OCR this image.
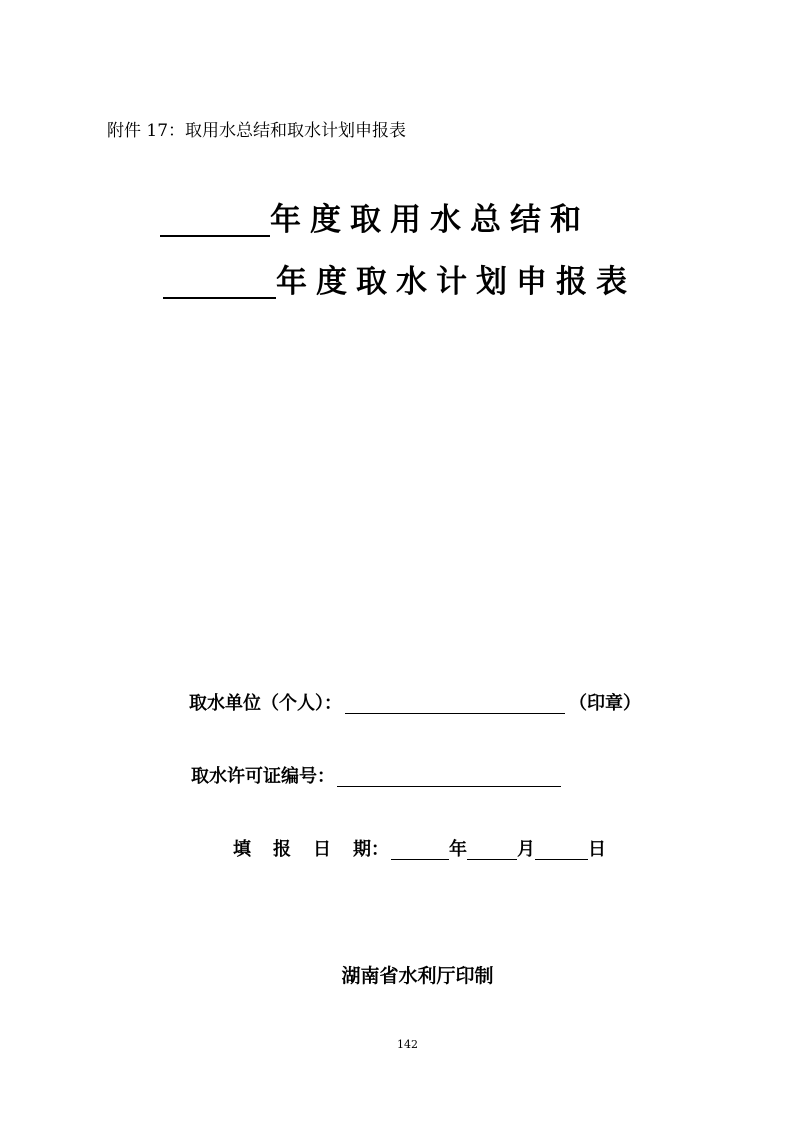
附件 17：取用水总结和取水计划申报表
年度取用水总结和
年度取水计划申报表
取水单位（个人）：	（印章）
取水许可证编号：
填 报 日 期：	年	月	日
湖南省水利厅印制
142
